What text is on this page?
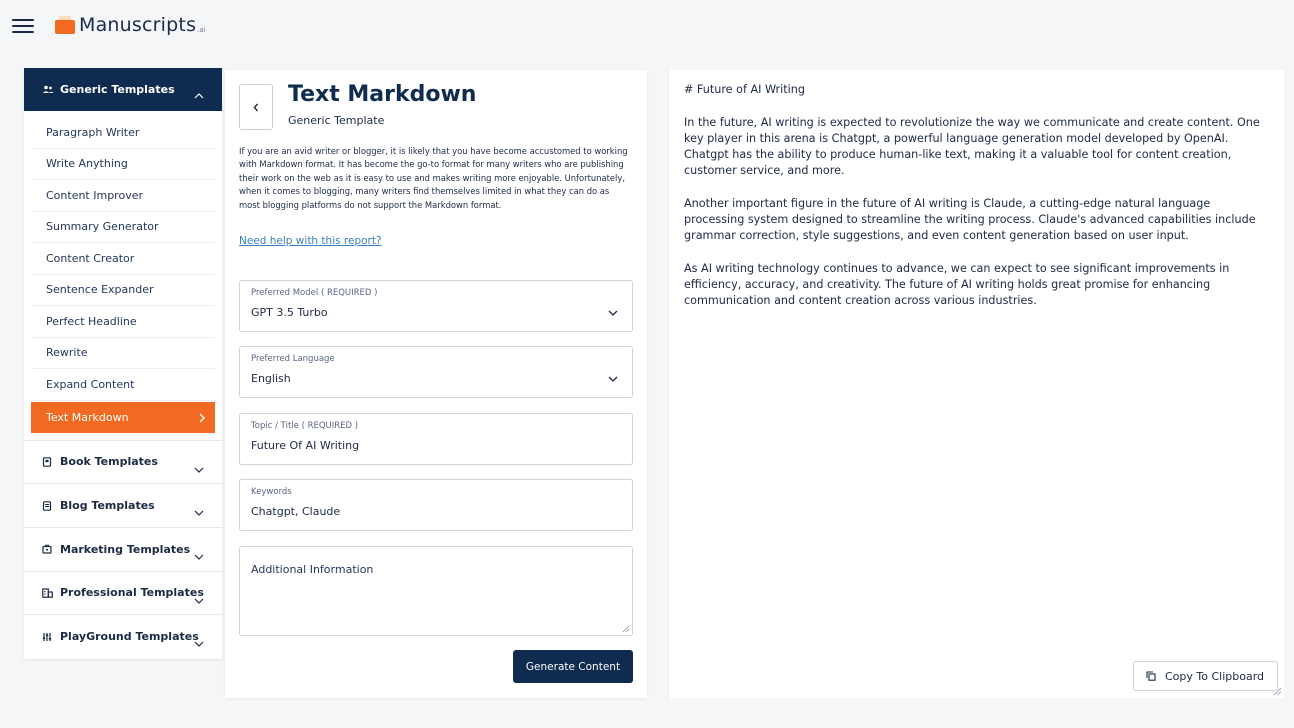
Manuscripts .ai
Generic Templates
Paragraph Writer
Write Anything
Content Improver
Summary Generator
Content Creator
Sentence Expander
Perfect Headline
Rewrite
Expand Content
Text Markdown
Book Templates
Blog Templates
Marketing Templates
Professional Templates
PlayGround Templates
Text Markdown
Generic Template
If you are an avid writer or blogger, it is likely that you have become accustomed to working with Markdown format. It has become the go-to format for many writers who are publishing their work on the web as it is easy to use and makes writing more enjoyable. Unfortunately, when it comes to blogging, many writers find themselves limited in what they can do as most blogging platforms do not support the Markdown format.
Need help with this report?
Preferred Model ( REQUIRED )
GPT 3.5 Turbo
Preferred Language
English
Topic / Title ( REQUIRED )
Future Of AI Writing
Keywords
Chatgpt, Claude
Additional Information
Generate Content

# Future of AI Writing

In the future, AI writing is expected to revolutionize the way we communicate and create content. One key player in this arena is Chatgpt, a powerful language generation model developed by OpenAI. Chatgpt has the ability to produce human-like text, making it a valuable tool for content creation, customer service, and more.

Another important figure in the future of AI writing is Claude, a cutting-edge natural language processing system designed to streamline the writing process. Claude's advanced capabilities include grammar correction, style suggestions, and even content generation based on user input.

As AI writing technology continues to advance, we can expect to see significant improvements in efficiency, accuracy, and creativity. The future of AI writing holds great promise for enhancing communication and content creation across various industries.

Copy To Clipboard
